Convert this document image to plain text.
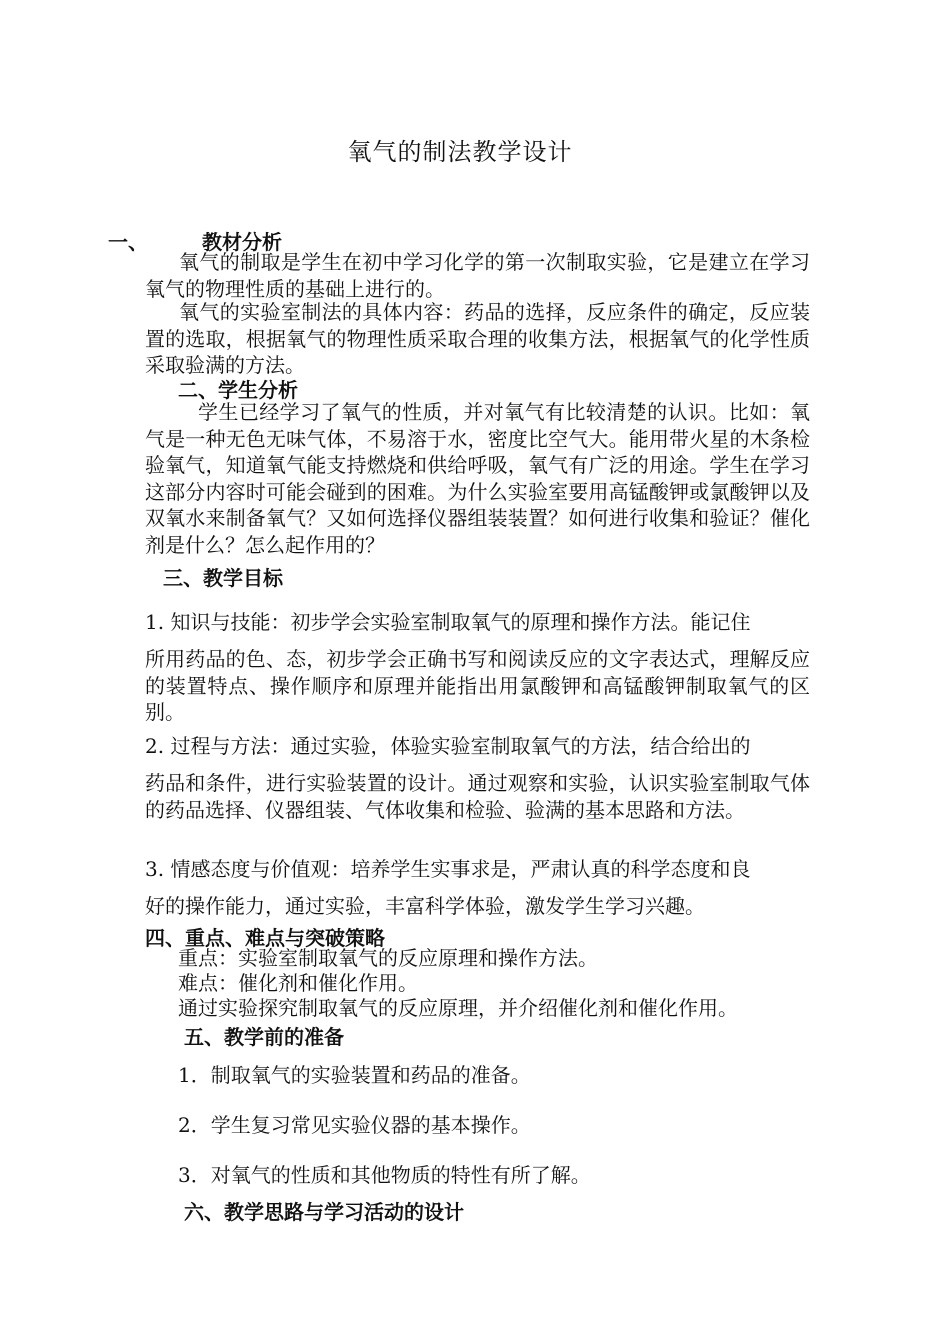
氧气的制法教学设计
一、	教材分析
氧气的制取是学生在初中学习化学的第一次制取实验，它是建立在学习氧气的物理性质的基础上进行的。
氧气的实验室制法的具体内容：药品的选择，反应条件的确定，反应装置的选取，根据氧气的物理性质采取合理的收集方法，根据氧气的化学性质采取验满的方法。
二、学生分析
学生已经学习了氧气的性质，并对氧气有比较清楚的认识。比如：氧气是一种无色无味气体，不易溶于水，密度比空气大。能用带火星的木条检验氧气，知道氧气能支持燃烧和供给呼吸，氧气有广泛的用途。学生在学习这部分内容时可能会碰到的困难。为什么实验室要用高锰酸钾或氯酸钾以及双氧水来制备氧气？又如何选择仪器组装装置？如何进行收集和验证？催化剂是什么？怎么起作用的？
三、教学目标
1. 知识与技能：初步学会实验室制取氧气的原理和操作方法。能记住
所用药品的色、态，初步学会正确书写和阅读反应的文字表达式，理解反应的装置特点、操作顺序和原理并能指出用氯酸钾和高锰酸钾制取氧气的区别。
2. 过程与方法：通过实验，体验实验室制取氧气的方法，结合给出的
药品和条件，进行实验装置的设计。通过观察和实验，认识实验室制取气体的药品选择、仪器组装、气体收集和检验、验满的基本思路和方法。
3. 情感态度与价值观：培养学生实事求是，严肃认真的科学态度和良
好的操作能力，通过实验，丰富科学体验，激发学生学习兴趣。
四、重点、难点与突破策略
重点：实验室制取氧气的反应原理和操作方法。
难点：催化剂和催化作用。
通过实验探究制取氧气的反应原理，并介绍催化剂和催化作用。
五、教学前的准备
1．制取氧气的实验装置和药品的准备。
2．学生复习常见实验仪器的基本操作。
3．对氧气的性质和其他物质的特性有所了解。
六、教学思路与学习活动的设计
